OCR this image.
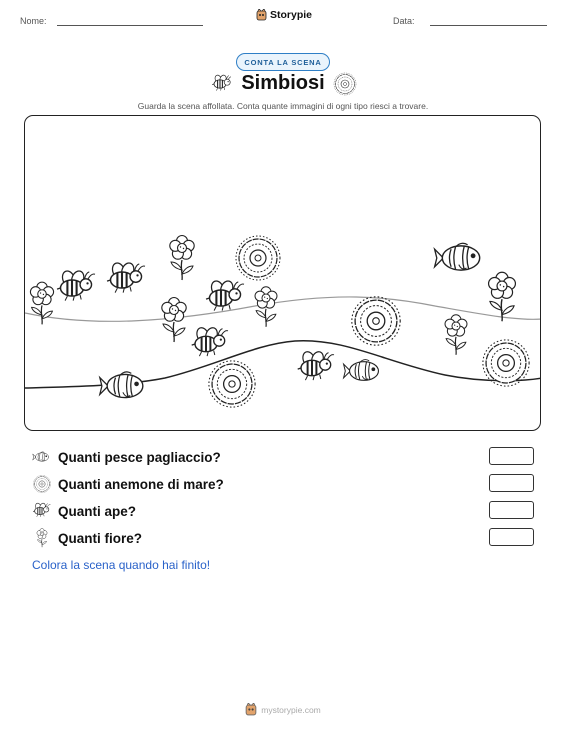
Nome:	Storypie	Data:
CONTA LA SCENA
Simbiosi
Guarda la scena affollata. Conta quante immagini di ogni tipo riesci a trovare.
Quanti pesce pagliaccio?
Quanti anemone di mare?
Quanti ape?
Quanti fiore?
Colora la scena quando hai finito!
mystorypie.com
